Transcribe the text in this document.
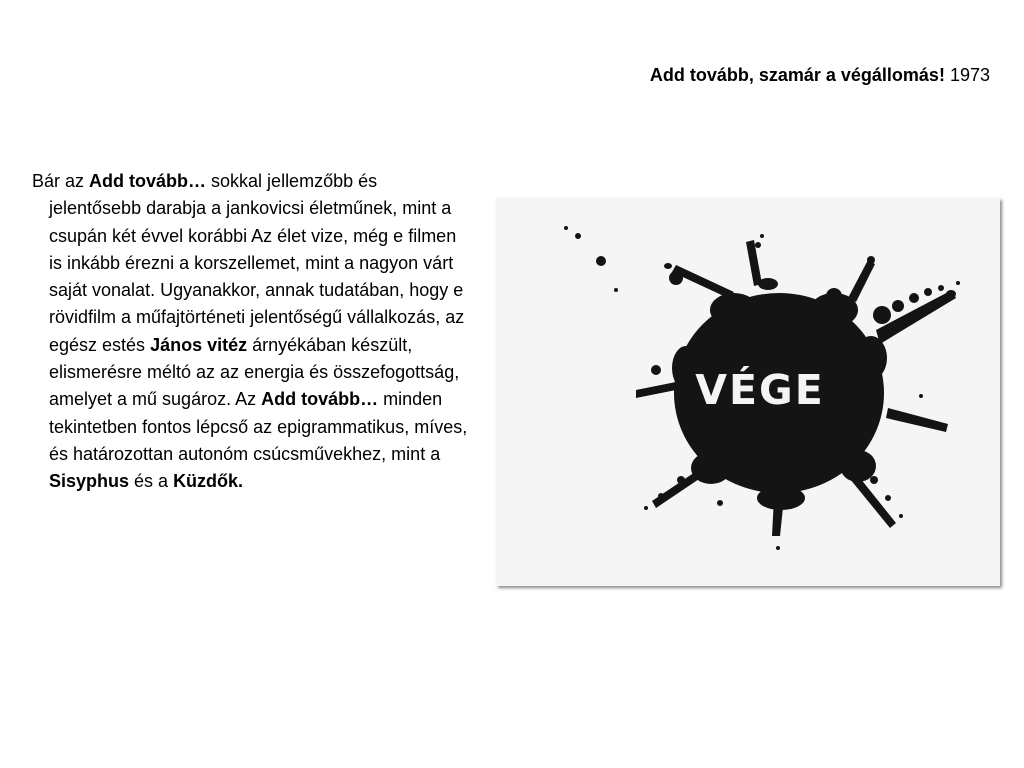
Add tovább, szamár a végállomás! 1973
Bár az Add tovább… sokkal jellemzőbb és jelentősebb darabja a jankovicsi életműnek, mint a csupán két évvel korábbi Az élet vize, még e filmen is inkább érezni a korszellemet, mint a nagyon várt saját vonalat. Ugyanakkor, annak tudatában, hogy e rövidfilm a műfajtörténeti jelentőségű vállalkozás, az egész estés János vitéz árnyékában készült, elismerésre méltó az az energia és összefogottság, amelyet a mű sugároz. Az Add tovább… minden tekintetben fontos lépcső az epigrammatikus, míves, és határozottan autonóm csúcsművekhez, mint a Sisyphus és a Küzdők.
VÉGE
